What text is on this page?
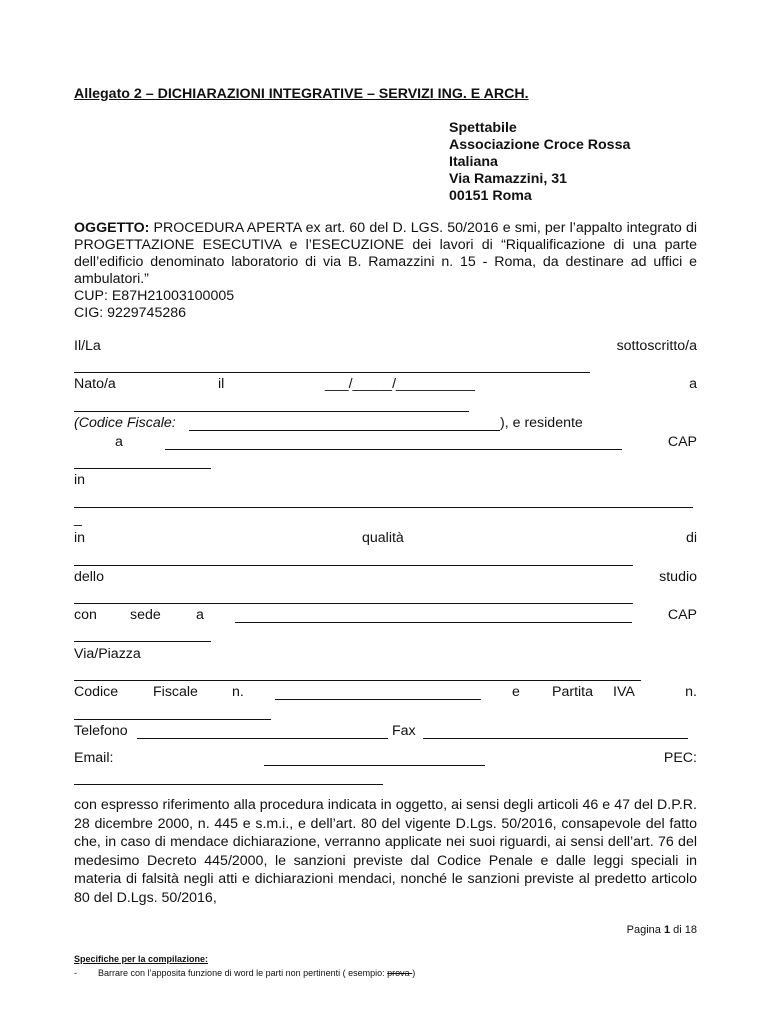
Allegato 2 – DICHIARAZIONI INTEGRATIVE – SERVIZI ING. E ARCH.
Spettabile
Associazione Croce Rossa
Italiana
Via Ramazzini, 31
00151 Roma

OGGETTO: PROCEDURA APERTA ex art. 60 del D. LGS. 50/2016 e smi, per l’appalto integrato di PROGETTAZIONE ESECUTIVA e l’ESECUZIONE dei lavori di “Riqualificazione di una parte dell’edificio denominato laboratorio di via B. Ramazzini n. 15 - Roma, da destinare ad uffici e ambulatori.”

CUP: E87H21003100005

CIG: 9229745286

Il/La	sottoscritto/a
Nato/a	il	___/_____/__________	a
(Codice Fiscale:	), e residente
a	CAP
in
_
in	qualità	di
dello	studio
con sede a	CAP
Via/Piazza
Codice Fiscale n.	e Partita IVA	n.
Telefono	Fax
Email:	PEC:
con espresso riferimento alla procedura indicata in oggetto, ai sensi degli articoli 46 e 47 del D.P.R. 28 dicembre 2000, n. 445 e s.m.i., e dell’art. 80 del vigente D.Lgs. 50/2016, consapevole del fatto che, in caso di mendace dichiarazione, verranno applicate nei suoi riguardi, ai sensi dell’art. 76 del medesimo Decreto 445/2000, le sanzioni previste dal Codice Penale e dalle leggi speciali in materia di falsità negli atti e dichiarazioni mendaci, nonché le sanzioni previste al predetto articolo 80 del D.Lgs. 50/2016,
Pagina 1 di 18
Specifiche per la compilazione:
- Barrare con l’apposita funzione di word le parti non pertinenti ( esempio: prova )
